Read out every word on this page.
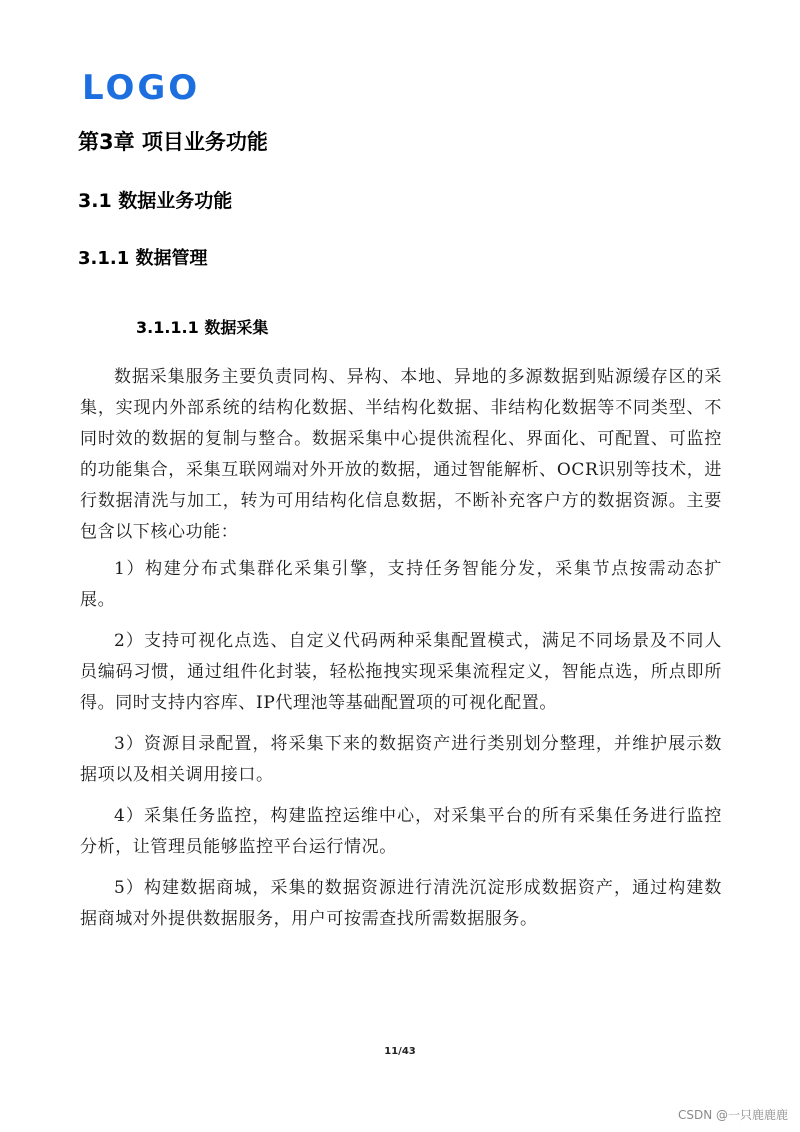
LOGO
第3章 项目业务功能
3.1 数据业务功能
3.1.1 数据管理
3.1.1.1 数据采集

数据采集服务主要负责同构、异构、本地、异地的多源数据到贴源缓存区的采集，实现内外部系统的结构化数据、半结构化数据、非结构化数据等不同类型、不同时效的数据的复制与整合。数据采集中心提供流程化、界面化、可配置、可监控的功能集合，采集互联网端对外开放的数据，通过智能解析、OCR识别等技术，进行数据清洗与加工，转为可用结构化信息数据，不断补充客户方的数据资源。主要包含以下核心功能：

1）构建分布式集群化采集引擎，支持任务智能分发，采集节点按需动态扩展。

2）支持可视化点选、自定义代码两种采集配置模式，满足不同场景及不同人员编码习惯，通过组件化封装，轻松拖拽实现采集流程定义，智能点选，所点即所得。同时支持内容库、IP代理池等基础配置项的可视化配置。

3）资源目录配置，将采集下来的数据资产进行类别划分整理，并维护展示数据项以及相关调用接口。

4）采集任务监控，构建监控运维中心，对采集平台的所有采集任务进行监控分析，让管理员能够监控平台运行情况。

5）构建数据商城，采集的数据资源进行清洗沉淀形成数据资产，通过构建数据商城对外提供数据服务，用户可按需查找所需数据服务。

11/43
CSDN @一只鹿鹿鹿
